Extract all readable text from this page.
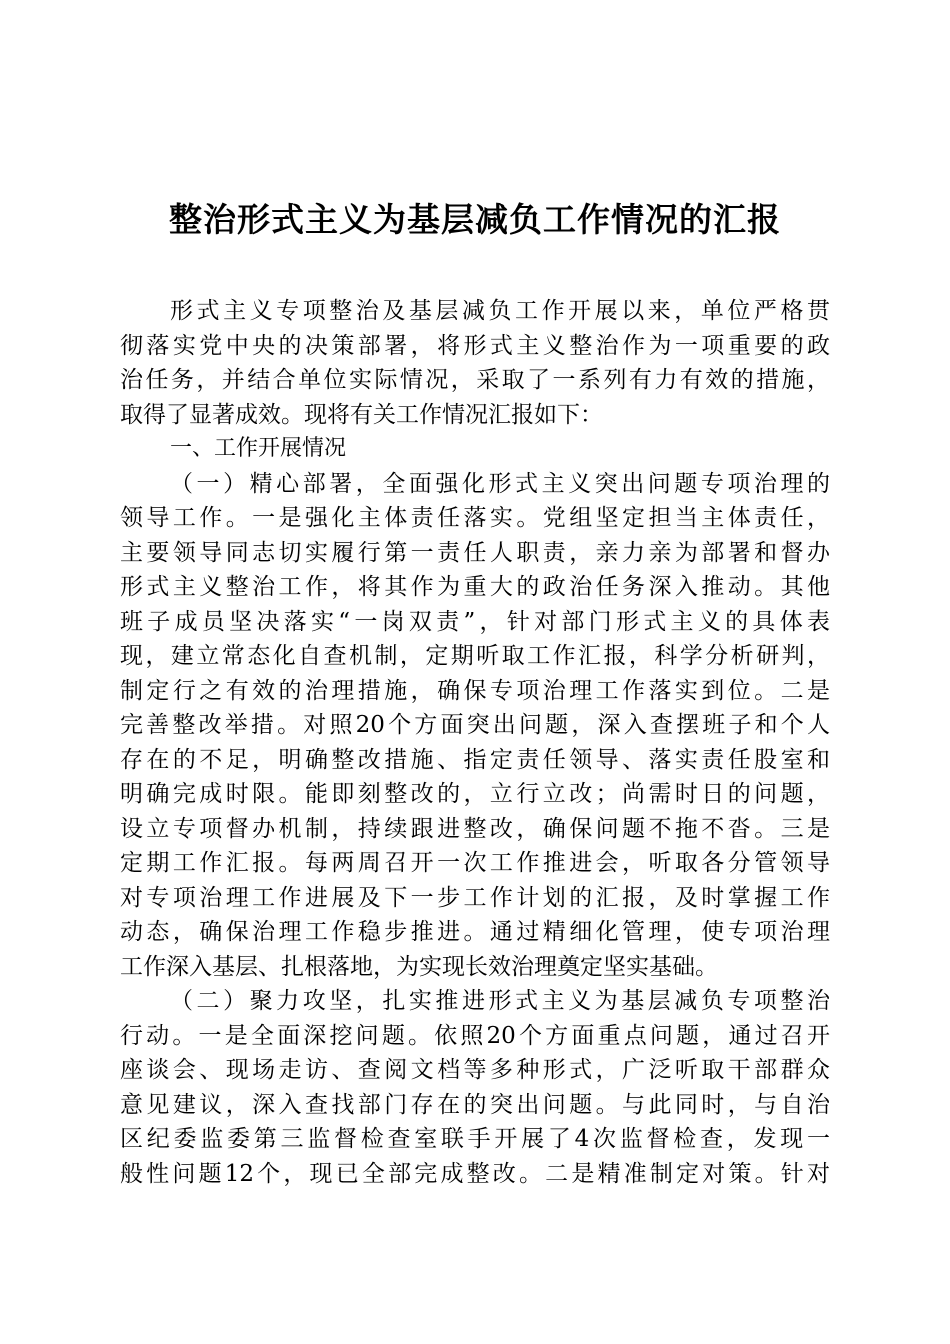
整治形式主义为基层减负工作情况的汇报
形式主义专项整治及基层减负工作开展以来，单位严格贯
彻落实党中央的决策部署，将形式主义整治作为一项重要的政
治任务，并结合单位实际情况，采取了一系列有力有效的措施，
取得了显著成效。现将有关工作情况汇报如下：
一、工作开展情况
（一）精心部署，全面强化形式主义突出问题专项治理的
领导工作。一是强化主体责任落实。党组坚定担当主体责任，
主要领导同志切实履行第一责任人职责，亲力亲为部署和督办
形式主义整治工作，将其作为重大的政治任务深入推动。其他
班子成员坚决落实“一岗双责”，针对部门形式主义的具体表
现，建立常态化自查机制，定期听取工作汇报，科学分析研判，
制定行之有效的治理措施，确保专项治理工作落实到位。二是
完善整改举措。对照20个方面突出问题，深入查摆班子和个人
存在的不足，明确整改措施、指定责任领导、落实责任股室和
明确完成时限。能即刻整改的，立行立改；尚需时日的问题，
设立专项督办机制，持续跟进整改，确保问题不拖不沓。三是
定期工作汇报。每两周召开一次工作推进会，听取各分管领导
对专项治理工作进展及下一步工作计划的汇报，及时掌握工作
动态，确保治理工作稳步推进。通过精细化管理，使专项治理
工作深入基层、扎根落地，为实现长效治理奠定坚实基础。
（二）聚力攻坚，扎实推进形式主义为基层减负专项整治
行动。一是全面深挖问题。依照20个方面重点问题，通过召开
座谈会、现场走访、查阅文档等多种形式，广泛听取干部群众
意见建议，深入查找部门存在的突出问题。与此同时，与自治
区纪委监委第三监督检查室联手开展了4次监督检查，发现一
般性问题12个，现已全部完成整改。二是精准制定对策。针对
